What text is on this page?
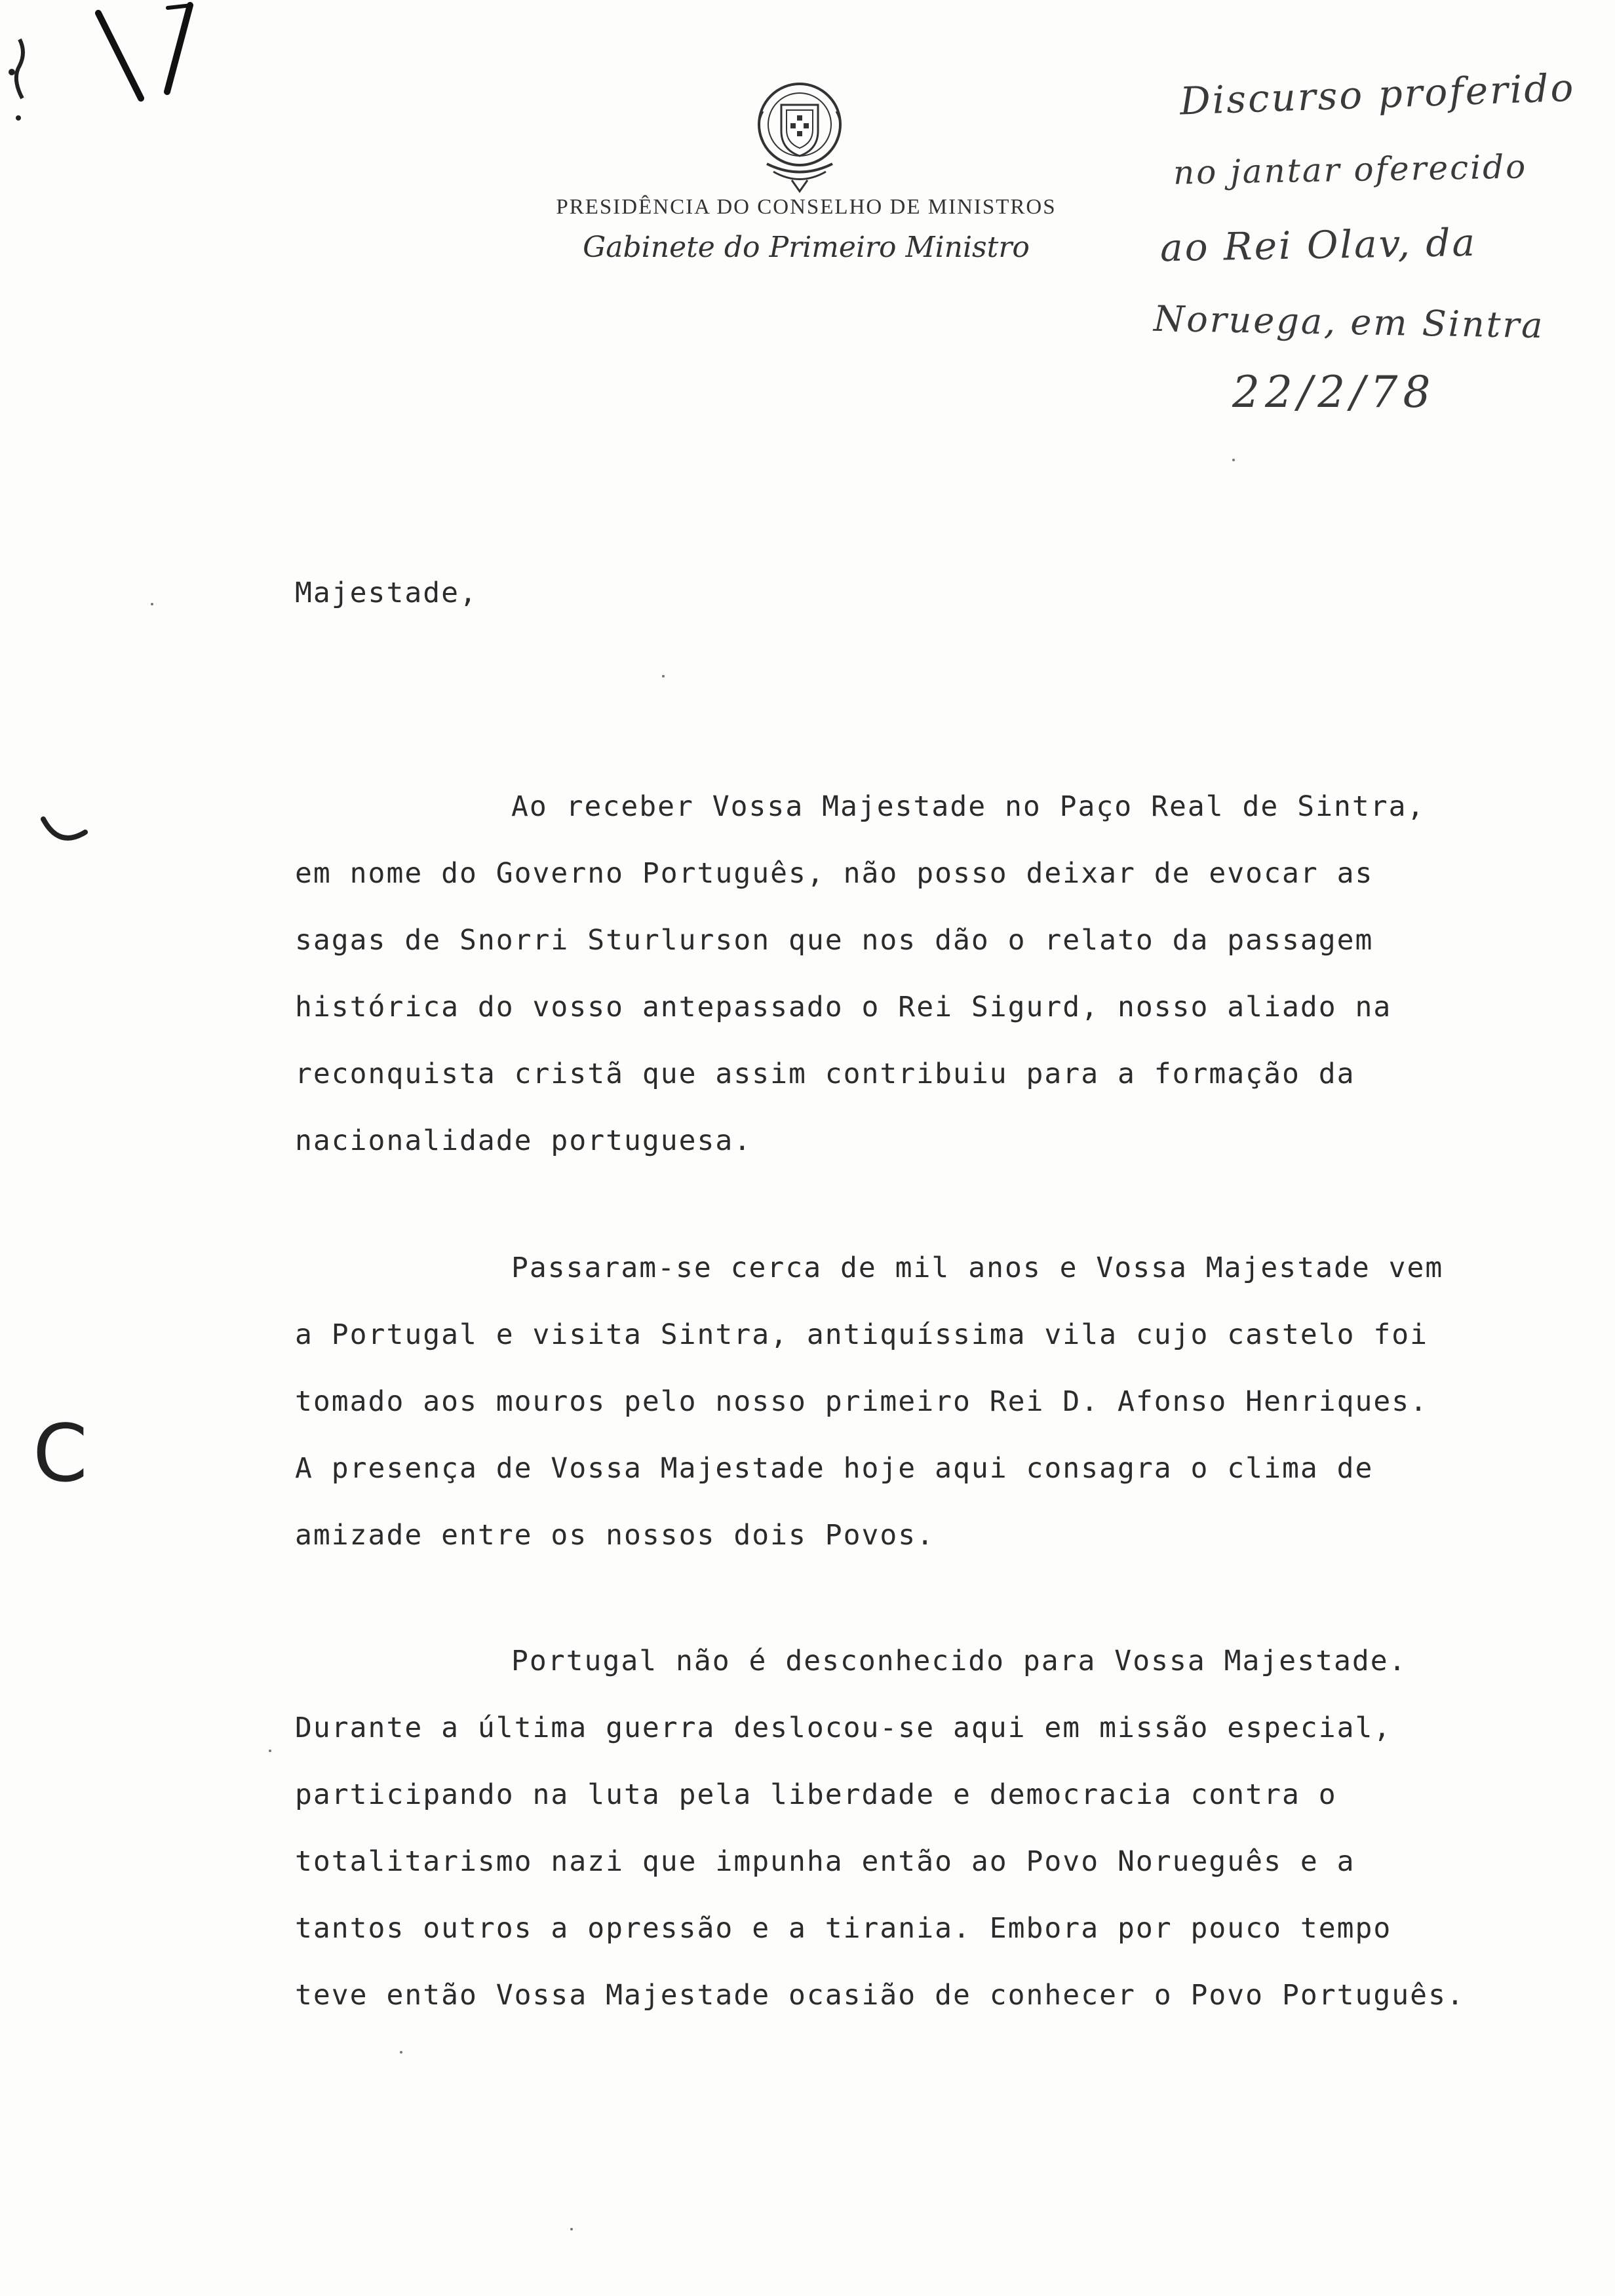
PRESIDÊNCIA DO CONSELHO DE MINISTROS
Gabinete do Primeiro Ministro
Discurso proferido
no jantar oferecido
ao Rei Olav, da
Noruega, em Sintra
22/2/78
C
Majestade,
Ao receber Vossa Majestade no Paço Real de Sintra,
em nome do Governo Português, não posso deixar de evocar as
sagas de Snorri Sturlurson que nos dão o relato da passagem
histórica do vosso antepassado o Rei Sigurd, nosso aliado na
reconquista cristã que assim contribuiu para a formação da
nacionalidade portuguesa.
Passaram-se cerca de mil anos e Vossa Majestade vem
a Portugal e visita Sintra, antiquíssima vila cujo castelo foi
tomado aos mouros pelo nosso primeiro Rei D. Afonso Henriques.
A presença de Vossa Majestade hoje aqui consagra o clima de
amizade entre os nossos dois Povos.
Portugal não é desconhecido para Vossa Majestade.
Durante a última guerra deslocou-se aqui em missão especial,
participando na luta pela liberdade e democracia contra o
totalitarismo nazi que impunha então ao Povo Norueguês e a
tantos outros a opressão e a tirania. Embora por pouco tempo
teve então Vossa Majestade ocasião de conhecer o Povo Português.
